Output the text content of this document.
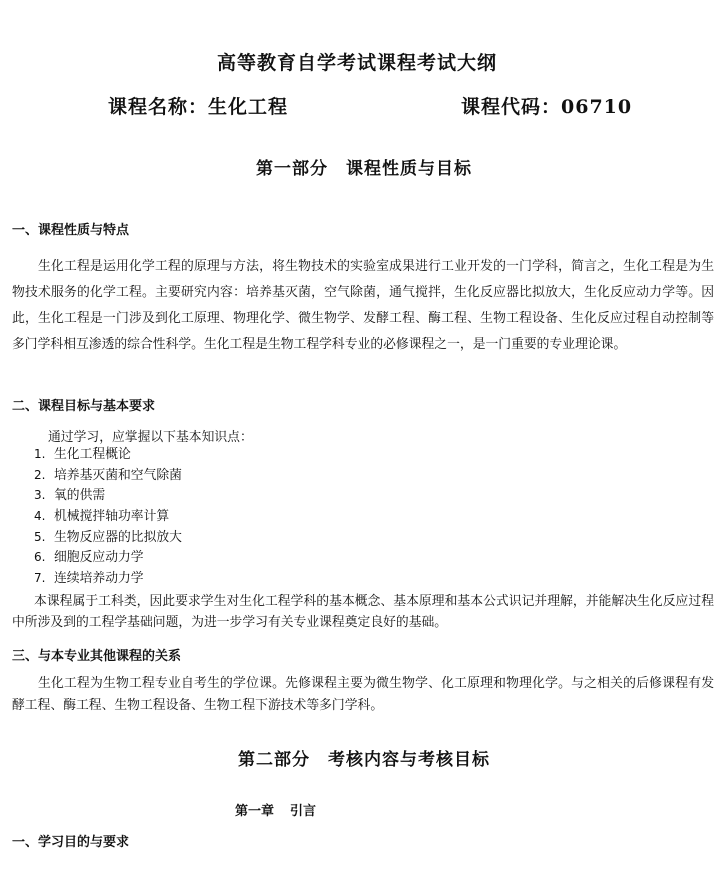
高等教育自学考试课程考试大纲
课程名称：生化工程	课程代码：06710
第一部分 课程性质与目标
一、课程性质与特点

生化工程是运用化学工程的原理与方法，将生物技术的实验室成果进行工业开发的一门学科，简言之，生化工程是为生物技术服务的化学工程。主要研究内容：培养基灭菌，空气除菌，通气搅拌，生化反应器比拟放大，生化反应动力学等。因此，生化工程是一门涉及到化工原理、物理化学、微生物学、发酵工程、酶工程、生物工程设备、生化反应过程自动控制等多门学科相互渗透的综合性科学。生化工程是生物工程学科专业的必修课程之一，是一门重要的专业理论课。

二、课程目标与基本要求
通过学习，应掌握以下基本知识点：
1. 生化工程概论
2. 培养基灭菌和空气除菌
3. 氧的供需
4. 机械搅拌轴功率计算
5. 生物反应器的比拟放大
6. 细胞反应动力学
7. 连续培养动力学

本课程属于工科类，因此要求学生对生化工程学科的基本概念、基本原理和基本公式识记并理解，并能解决生化反应过程中所涉及到的工程学基础问题，为进一步学习有关专业课程奠定良好的基础。

三、与本专业其他课程的关系

生化工程为生物工程专业自考生的学位课。先修课程主要为微生物学、化工原理和物理化学。与之相关的后修课程有发酵工程、酶工程、生物工程设备、生物工程下游技术等多门学科。

第二部分 考核内容与考核目标
第一章 引言
一、学习目的与要求
